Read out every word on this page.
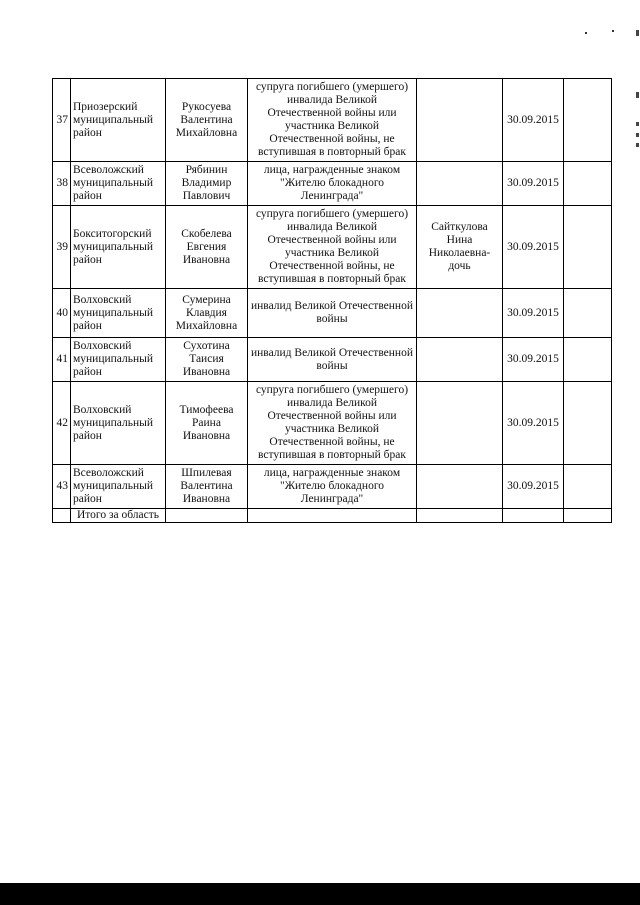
37	Приозерский муниципальный район	Рукосуева Валентина Михайловна	супруга погибшего (умершего) инвалида Великой Отечественной войны или участника Великой Отечественной войны, не вступившая в повторный брак		30.09.2015	
38	Всеволожский муниципальный район	Рябинин Владимир Павлович	лица, награжденные знаком "Жителю блокадного Ленинграда"		30.09.2015	
39	Бокситогорский муниципальный район	Скобелева Евгения Ивановна	супруга погибшего (умершего) инвалида Великой Отечественной войны или участника Великой Отечественной войны, не вступившая в повторный брак	Сайткулова Нина Николаевна-дочь	30.09.2015	
40	Волховский муниципальный район	Сумерина Клавдия Михайловна	инвалид Великой Отечественной войны		30.09.2015	
41	Волховский муниципальный район	Сухотина Таисия Ивановна	инвалид Великой Отечественной войны		30.09.2015	
42	Волховский муниципальный район	Тимофеева Раина Ивановна	супруга погибшего (умершего) инвалида Великой Отечественной войны или участника Великой Отечественной войны, не вступившая в повторный брак		30.09.2015	
43	Всеволожский муниципальный район	Шпилевая Валентина Ивановна	лица, награжденные знаком "Жителю блокадного Ленинграда"		30.09.2015	
	Итого за область					
